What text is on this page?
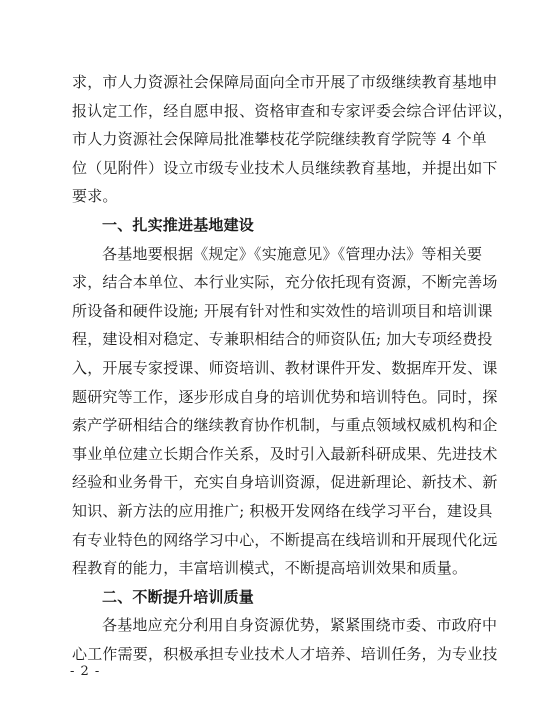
求，市人力资源社会保障局面向全市开展了市级继续教育基地申
报认定工作，经自愿申报、资格审查和专家评委会综合评估评议，
市人力资源社会保障局批准攀枝花学院继续教育学院等 4 个单
位（见附件）设立市级专业技术人员继续教育基地，并提出如下
要求。
一、扎实推进基地建设
各基地要根据《规定》《实施意见》《管理办法》等相关要
求，结合本单位、本行业实际，充分依托现有资源，不断完善场
所设备和硬件设施; 开展有针对性和实效性的培训项目和培训课
程，建设相对稳定、专兼职相结合的师资队伍; 加大专项经费投
入，开展专家授课、师资培训、教材课件开发、数据库开发、课
题研究等工作，逐步形成自身的培训优势和培训特色。同时，探
索产学研相结合的继续教育协作机制，与重点领域权威机构和企
事业单位建立长期合作关系，及时引入最新科研成果、先进技术
经验和业务骨干，充实自身培训资源，促进新理论、新技术、新
知识、新方法的应用推广; 积极开发网络在线学习平台，建设具
有专业特色的网络学习中心，不断提高在线培训和开展现代化远
程教育的能力，丰富培训模式，不断提高培训效果和质量。
二、不断提升培训质量
各基地应充分利用自身资源优势，紧紧围绕市委、市政府中
心工作需要，积极承担专业技术人才培养、培训任务，为专业技
- 2 -
